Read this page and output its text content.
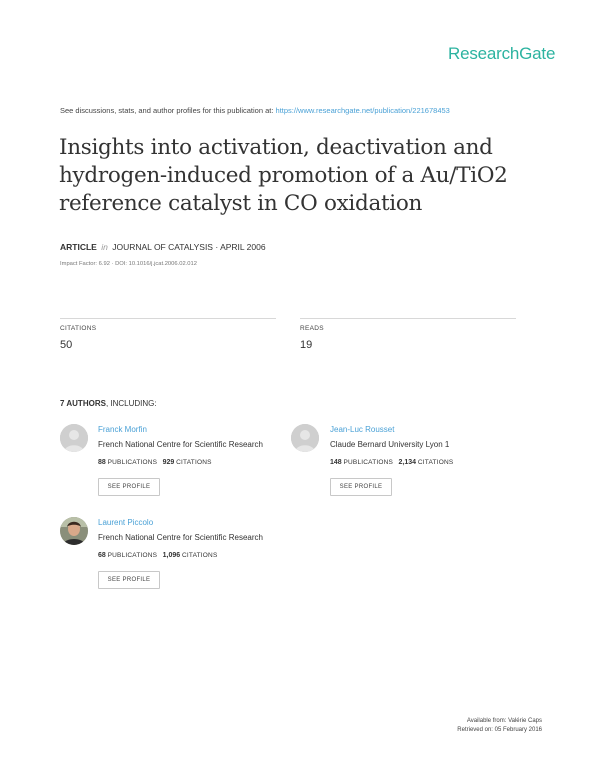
ResearchGate
See discussions, stats, and author profiles for this publication at: https://www.researchgate.net/publication/221678453
Insights into activation, deactivation and hydrogen-induced promotion of a Au/TiO2 reference catalyst in CO oxidation
ARTICLE in JOURNAL OF CATALYSIS · APRIL 2006
Impact Factor: 6.92 · DOI: 10.1016/j.jcat.2006.02.012
CITATIONS
50
READS
19
7 AUTHORS, INCLUDING:
Franck Morfin
French National Centre for Scientific Research
88 PUBLICATIONS 929 CITATIONS
SEE PROFILE
Jean-Luc Rousset
Claude Bernard University Lyon 1
148 PUBLICATIONS 2,134 CITATIONS
SEE PROFILE
Laurent Piccolo
French National Centre for Scientific Research
68 PUBLICATIONS 1,096 CITATIONS
SEE PROFILE
Available from: Valérie Caps
Retrieved on: 05 February 2016
